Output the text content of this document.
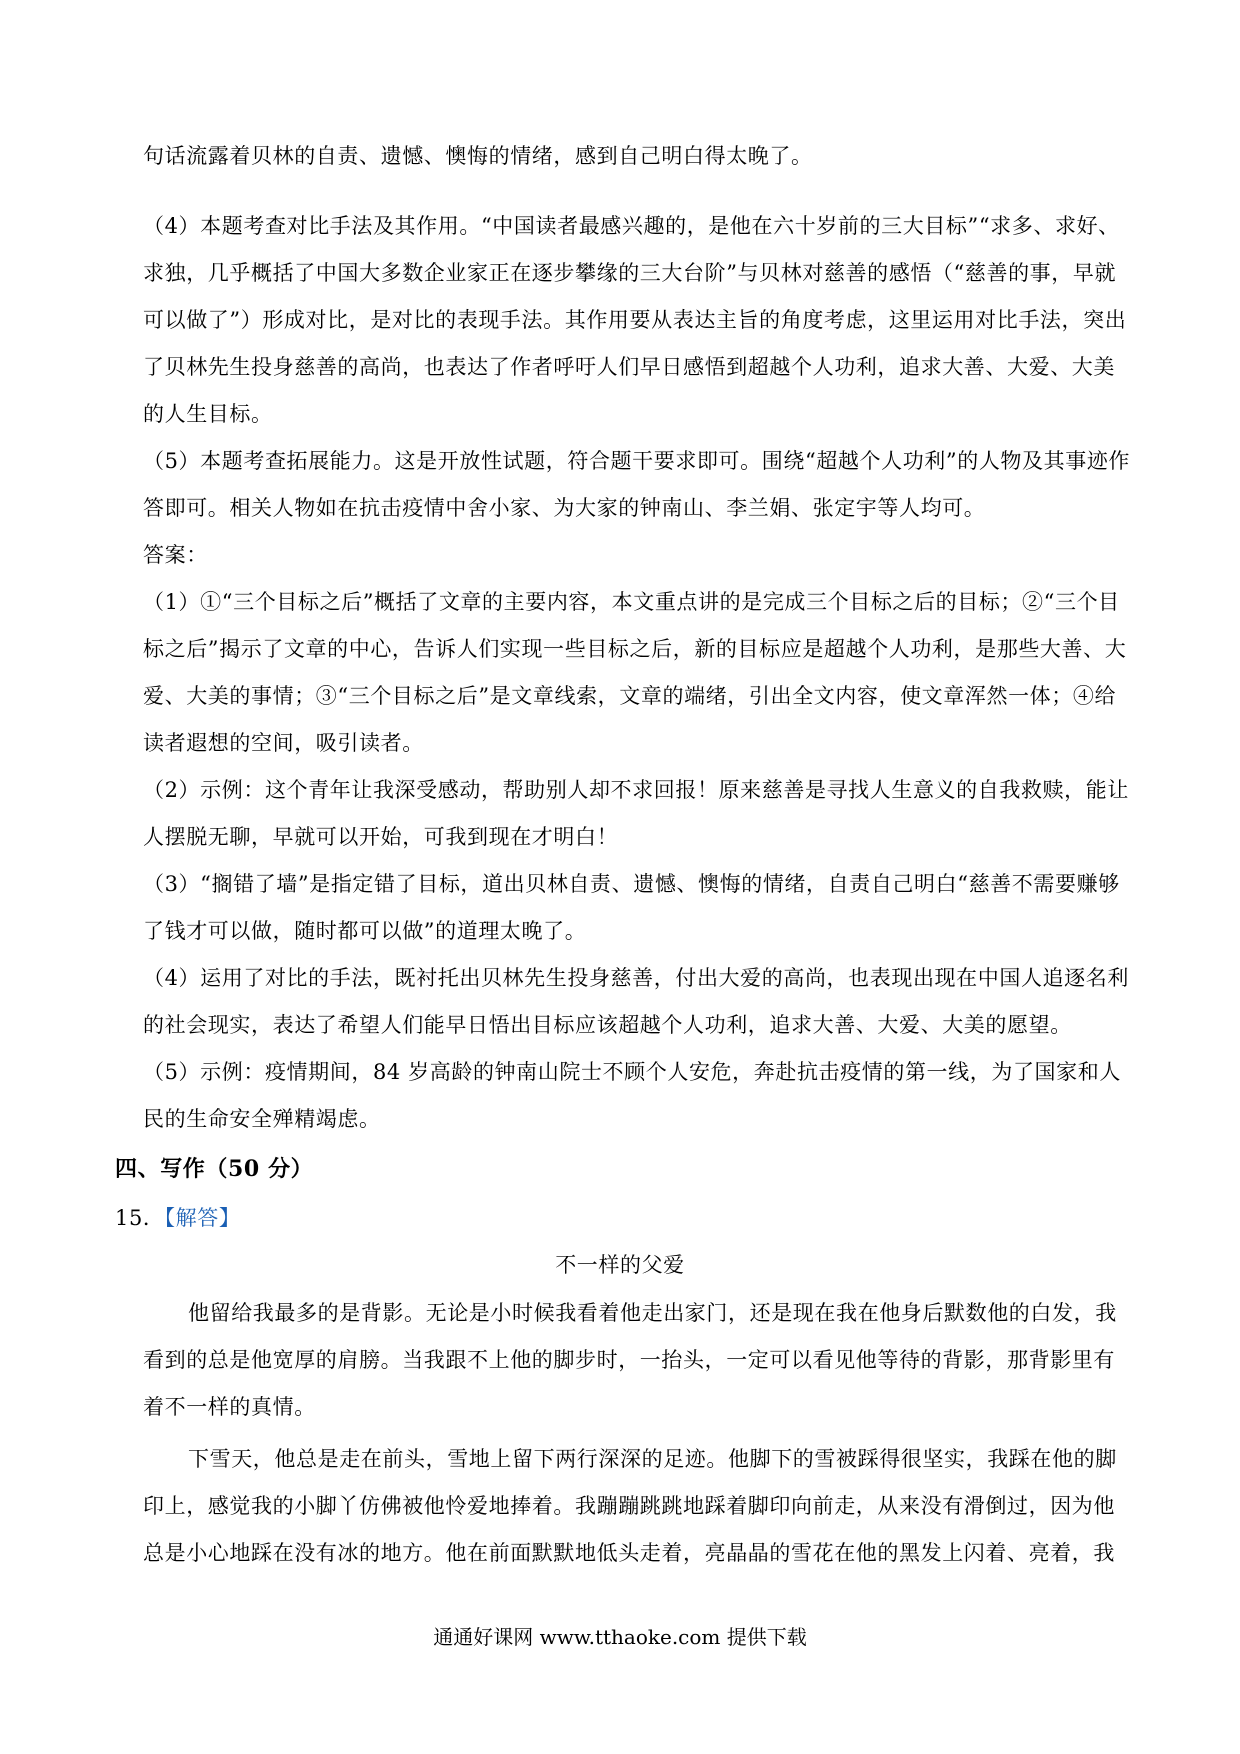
句话流露着贝林的自责、遗憾、懊悔的情绪，感到自己明白得太晚了。
（4）本题考查对比手法及其作用。“中国读者最感兴趣的，是他在六十岁前的三大目标”“求多、求好、
求独，几乎概括了中国大多数企业家正在逐步攀缘的三大台阶”与贝林对慈善的感悟（“慈善的事，早就
可以做了”）形成对比，是对比的表现手法。其作用要从表达主旨的角度考虑，这里运用对比手法，突出
了贝林先生投身慈善的高尚，也表达了作者呼吁人们早日感悟到超越个人功利，追求大善、大爱、大美
的人生目标。
（5）本题考查拓展能力。这是开放性试题，符合题干要求即可。围绕“超越个人功利”的人物及其事迹作
答即可。相关人物如在抗击疫情中舍小家、为大家的钟南山、李兰娟、张定宇等人均可。
答案：
（1）①“三个目标之后”概括了文章的主要内容，本文重点讲的是完成三个目标之后的目标；②“三个目
标之后”揭示了文章的中心，告诉人们实现一些目标之后，新的目标应是超越个人功利，是那些大善、大
爱、大美的事情；③“三个目标之后”是文章线索，文章的端绪，引出全文内容，使文章浑然一体；④给
读者遐想的空间，吸引读者。
（2）示例：这个青年让我深受感动，帮助别人却不求回报！原来慈善是寻找人生意义的自我救赎，能让
人摆脱无聊，早就可以开始，可我到现在才明白！
（3）“搁错了墙”是指定错了目标，道出贝林自责、遗憾、懊悔的情绪，自责自己明白“慈善不需要赚够
了钱才可以做，随时都可以做”的道理太晚了。
（4）运用了对比的手法，既衬托出贝林先生投身慈善，付出大爱的高尚，也表现出现在中国人追逐名利
的社会现实，表达了希望人们能早日悟出目标应该超越个人功利，追求大善、大爱、大美的愿望。
（5）示例：疫情期间，84 岁高龄的钟南山院士不顾个人安危，奔赴抗击疫情的第一线，为了国家和人
民的生命安全殚精竭虑。
四、写作（50 分）
15．【解答】
不一样的父爱
他留给我最多的是背影。无论是小时候我看着他走出家门，还是现在我在他身后默数他的白发，我
看到的总是他宽厚的肩膀。当我跟不上他的脚步时，一抬头，一定可以看见他等待的背影，那背影里有
着不一样的真情。
下雪天，他总是走在前头，雪地上留下两行深深的足迹。他脚下的雪被踩得很坚实，我踩在他的脚
印上，感觉我的小脚丫仿佛被他怜爱地捧着。我蹦蹦跳跳地踩着脚印向前走，从来没有滑倒过，因为他
总是小心地踩在没有冰的地方。他在前面默默地低头走着，亮晶晶的雪花在他的黑发上闪着、亮着，我
通通好课网 www.tthaoke.com 提供下载
